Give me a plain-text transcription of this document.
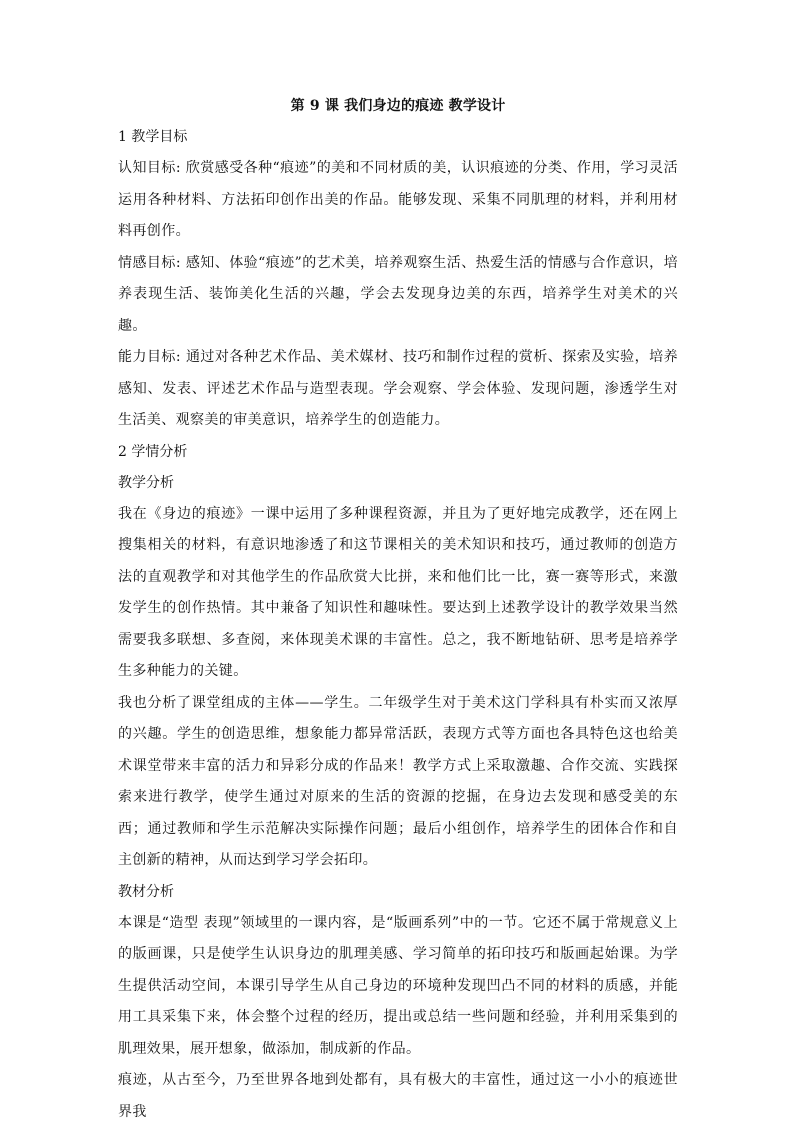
第 9 课 我们身边的痕迹 教学设计

1 教学目标

认知目标: 欣赏感受各种“痕迹”的美和不同材质的美，认识痕迹的分类、作用，学习灵活运用各种材料、方法拓印创作出美的作品。能够发现、采集不同肌理的材料，并利用材料再创作。

情感目标: 感知、体验“痕迹”的艺术美，培养观察生活、热爱生活的情感与合作意识，培养表现生活、装饰美化生活的兴趣，学会去发现身边美的东西，培养学生对美术的兴趣。

能力目标: 通过对各种艺术作品、美术媒材、技巧和制作过程的赏析、探索及实验，培养感知、发表、评述艺术作品与造型表现。学会观察、学会体验、发现问题，渗透学生对生活美、观察美的审美意识，培养学生的创造能力。

2 学情分析

教学分析

我在《身边的痕迹》一课中运用了多种课程资源，并且为了更好地完成教学，还在网上搜集相关的材料，有意识地渗透了和这节课相关的美术知识和技巧，通过教师的创造方法的直观教学和对其他学生的作品欣赏大比拼，来和他们比一比，赛一赛等形式，来激发学生的创作热情。其中兼备了知识性和趣味性。要达到上述教学设计的教学效果当然需要我多联想、多查阅，来体现美术课的丰富性。总之，我不断地钻研、思考是培养学生多种能力的关键。

我也分析了课堂组成的主体——学生。二年级学生对于美术这门学科具有朴实而又浓厚的兴趣。学生的创造思维，想象能力都异常活跃，表现方式等方面也各具特色这也给美术课堂带来丰富的活力和异彩分成的作品来！教学方式上采取激趣、合作交流、实践探索来进行教学，使学生通过对原来的生活的资源的挖掘，在身边去发现和感受美的东西；通过教师和学生示范解决实际操作问题；最后小组创作，培养学生的团体合作和自主创新的精神，从而达到学习学会拓印。

教材分析

本课是“造型 表现”领域里的一课内容，是“版画系列”中的一节。它还不属于常规意义上的版画课，只是使学生认识身边的肌理美感、学习简单的拓印技巧和版画起始课。为学生提供活动空间，本课引导学生从自己身边的环境种发现凹凸不同的材料的质感，并能用工具采集下来，体会整个过程的经历，提出或总结一些问题和经验，并利用采集到的肌理效果，展开想象，做添加，制成新的作品。

痕迹，从古至今，乃至世界各地到处都有，具有极大的丰富性，通过这一小小的痕迹世界我
